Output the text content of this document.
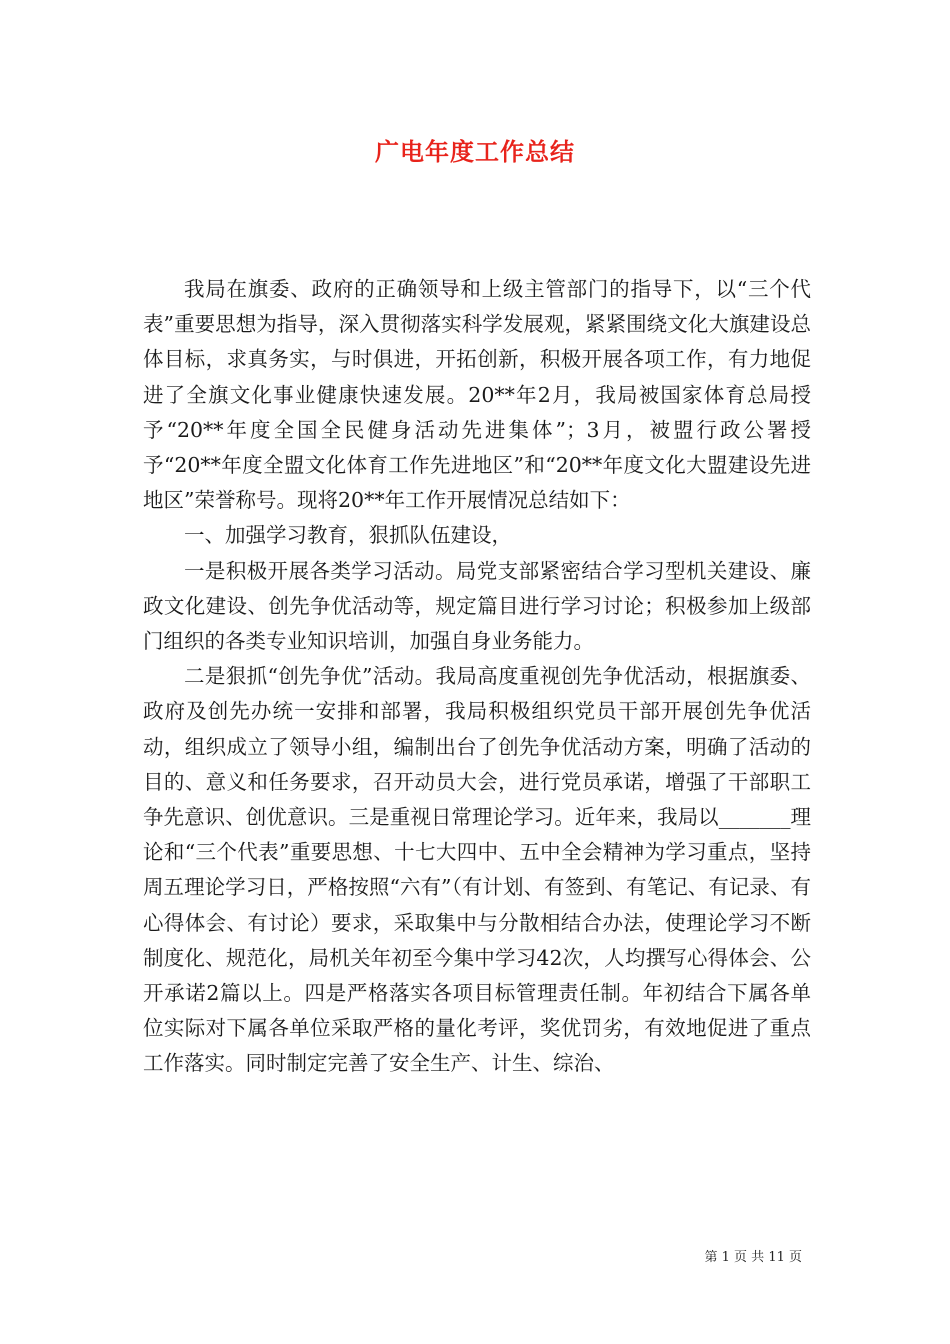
广电年度工作总结

我局在旗委、政府的正确领导和上级主管部门的指导下，以“三个代表”重要思想为指导，深入贯彻落实科学发展观，紧紧围绕文化大旗建设总体目标，求真务实，与时俱进，开拓创新，积极开展各项工作，有力地促进了全旗文化事业健康快速发展。20**年2月，我局被国家体育总局授予“20**年度全国全民健身活动先进集体”；3月，被盟行政公署授予“20**年度全盟文化体育工作先进地区”和“20**年度文化大盟建设先进地区”荣誉称号。现将20**年工作开展情况总结如下：

一、加强学习教育，狠抓队伍建设，

一是积极开展各类学习活动。局党支部紧密结合学习型机关建设、廉政文化建设、创先争优活动等，规定篇目进行学习讨论；积极参加上级部门组织的各类专业知识培训，加强自身业务能力。

二是狠抓“创先争优”活动。我局高度重视创先争优活动，根据旗委、政府及创先办统一安排和部署，我局积极组织党员干部开展创先争优活动，组织成立了领导小组，编制出台了创先争优活动方案，明确了活动的目的、意义和任务要求，召开动员大会，进行党员承诺，增强了干部职工争先意识、创优意识。三是重视日常理论学习。近年来，我局以_______理论和“三个代表”重要思想、十七大四中、五中全会精神为学习重点，坚持周五理论学习日，严格按照“六有”（有计划、有签到、有笔记、有记录、有心得体会、有讨论）要求，采取集中与分散相结合办法，使理论学习不断制度化、规范化，局机关年初至今集中学习42次，人均撰写心得体会、公开承诺2篇以上。四是严格落实各项目标管理责任制。年初结合下属各单位实际对下属各单位采取严格的量化考评，奖优罚劣，有效地促进了重点工作落实。同时制定完善了安全生产、计生、综治、

第 1 页 共 11 页
